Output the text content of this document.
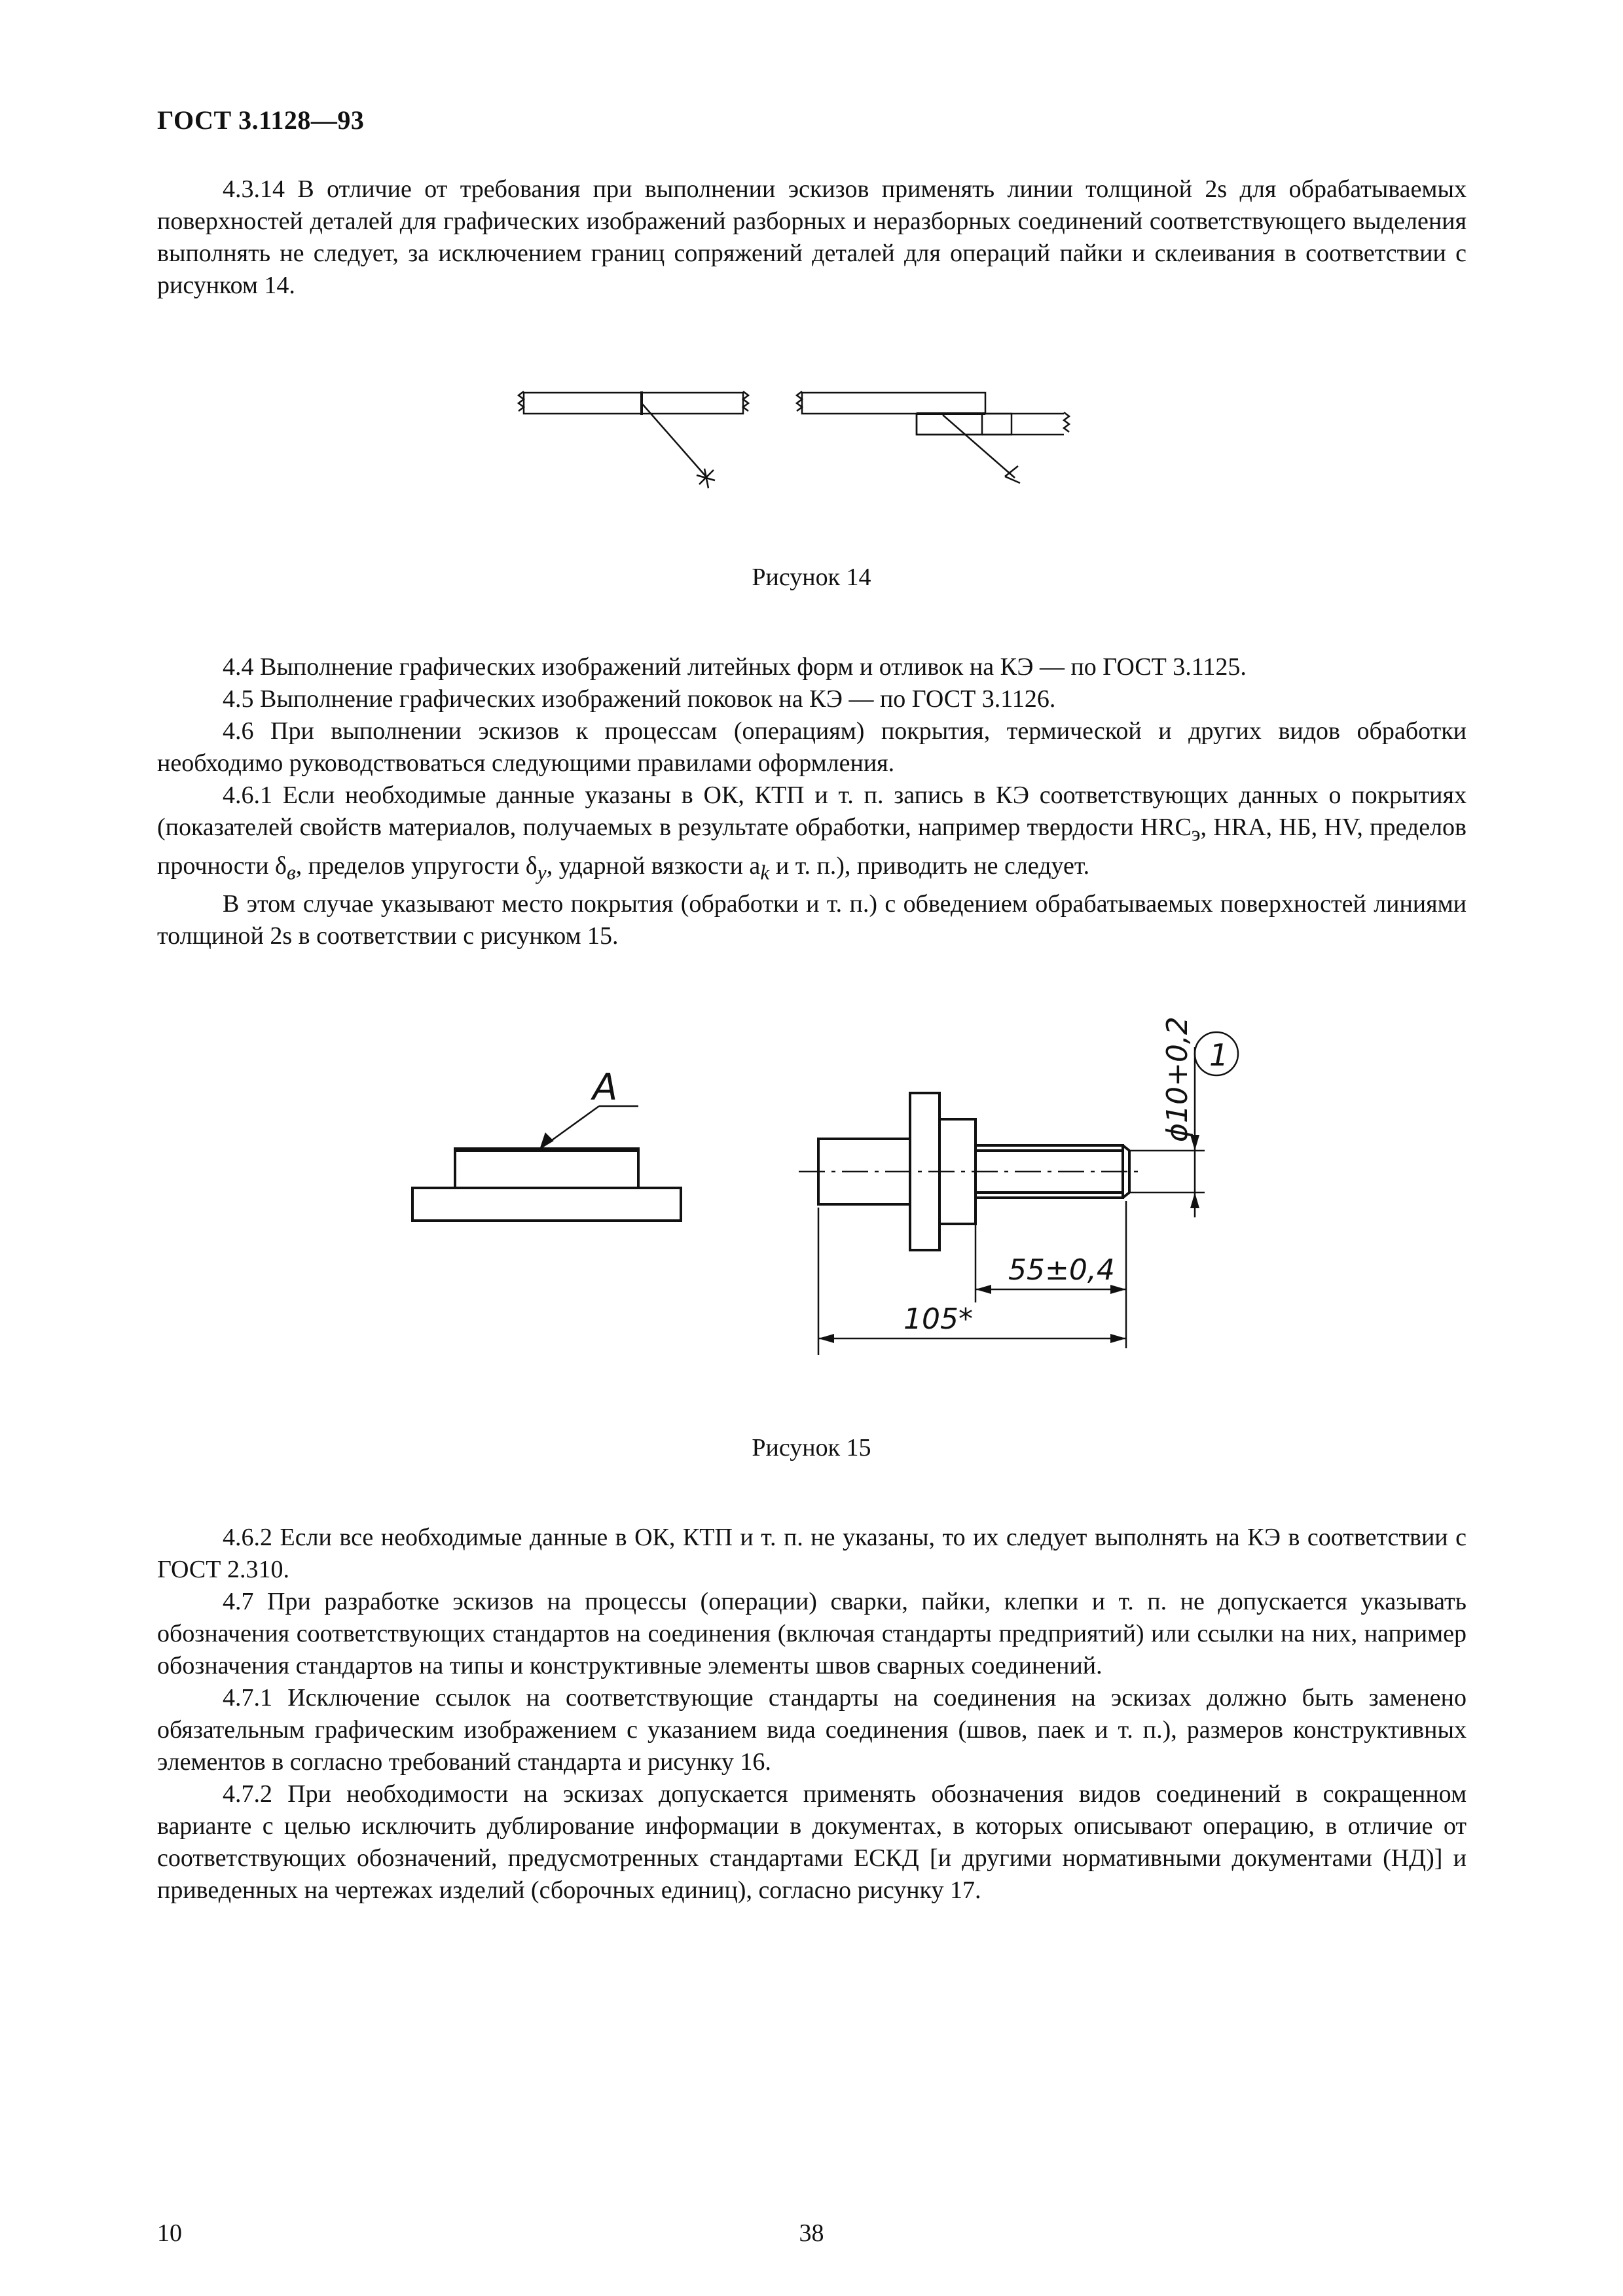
ГОСТ 3.1128—93

4.3.14 В отличие от требования при выполнении эскизов применять линии толщиной 2s для обрабатываемых поверхностей деталей для графических изображений разборных и неразборных соединений соответствующего выделения выполнять не следует, за исключением границ сопряжений деталей для операций пайки и склеивания в соответствии с рисунком 14.

Рисунок 14

4.4 Выполнение графических изображений литейных форм и отливок на КЭ — по ГОСТ 3.1125.

4.5 Выполнение графических изображений поковок на КЭ — по ГОСТ 3.1126.

4.6 При выполнении эскизов к процессам (операциям) покрытия, термической и других видов обработки необходимо руководствоваться следующими правилами оформления.

4.6.1 Если необходимые данные указаны в ОК, КТП и т. п. запись в КЭ соответствующих данных о покрытиях (показателей свойств материалов, получаемых в результате обработки, например твердости $HRC_э$, HRA, НБ, HV, пределов прочности $\delta_в$, пределов упругости $\delta_у$, ударной вязкости $a_k$ и т. п.), приводить не следует.

В этом случае указывают место покрытия (обработки и т. п.) с обведением обрабатываемых поверхностей линиями толщиной 2s в соответствии с рисунком 15.

А	ϕ10+0,2 1
55±0,4
105*
Рисунок 15

4.6.2 Если все необходимые данные в ОК, КТП и т. п. не указаны, то их следует выполнять на КЭ в соответствии с ГОСТ 2.310.

4.7 При разработке эскизов на процессы (операции) сварки, пайки, клепки и т. п. не допускается указывать обозначения соответствующих стандартов на соединения (включая стандарты предприятий) или ссылки на них, например обозначения стандартов на типы и конструктивные элементы швов сварных соединений.

4.7.1 Исключение ссылок на соответствующие стандарты на соединения на эскизах должно быть заменено обязательным графическим изображением с указанием вида соединения (швов, паек и т. п.), размеров конструктивных элементов в согласно требований стандарта и рисунку 16.

4.7.2 При необходимости на эскизах допускается применять обозначения видов соединений в сокращенном варианте с целью исключить дублирование информации в документах, в которых описывают операцию, в отличие от соответствующих обозначений, предусмотренных стандартами ЕСКД [и другими нормативными документами (НД)] и приведенных на чертежах изделий (сборочных единиц), согласно рисунку 17.

10	38
